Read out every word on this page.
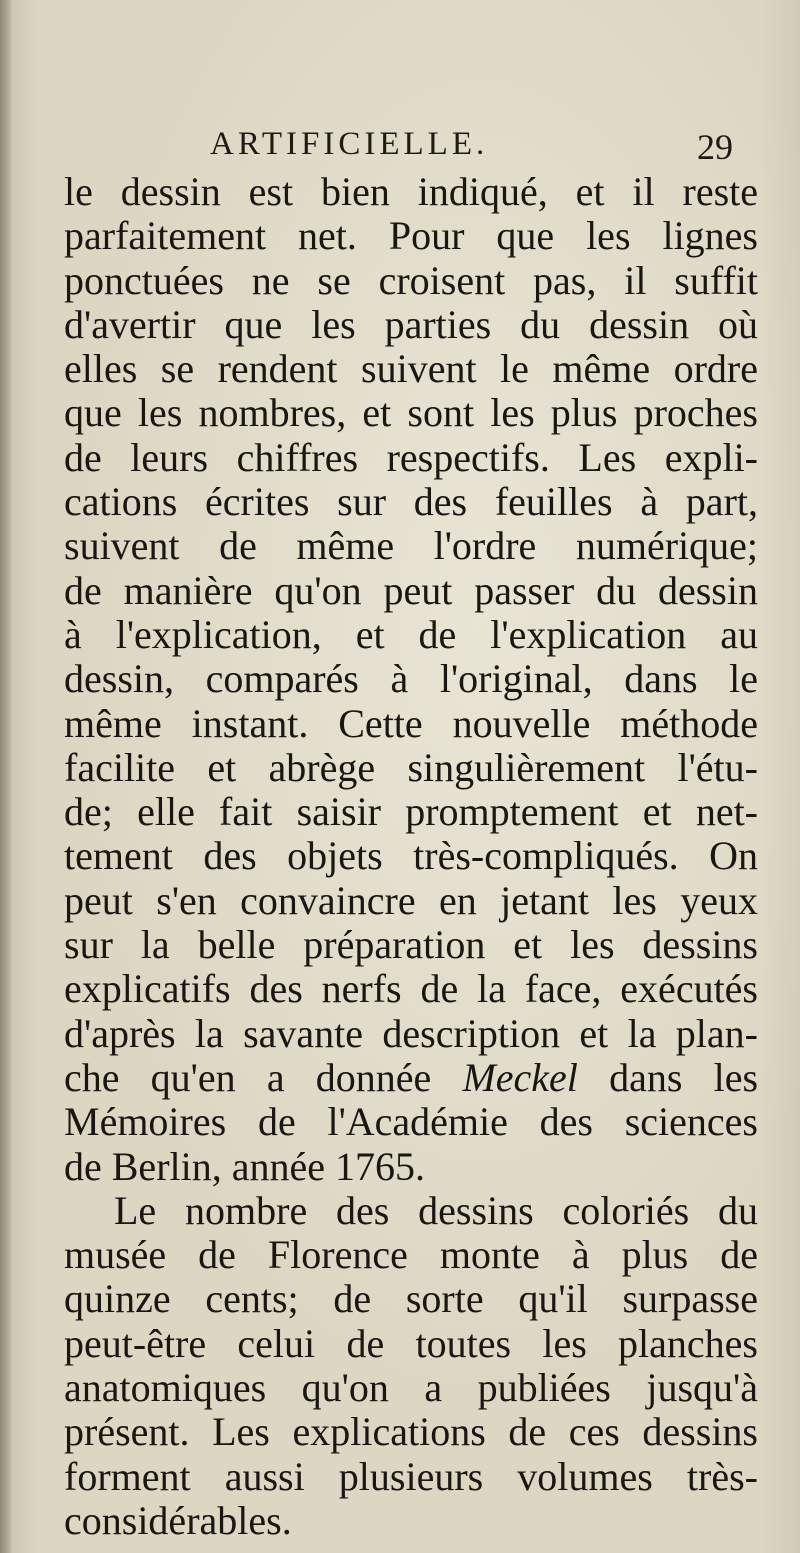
ARTIFICIELLE.	29
le dessin est bien indiqué, et il reste
parfaitement net. Pour que les lignes
ponctuées ne se croisent pas, il suffit
d'avertir que les parties du dessin où
elles se rendent suivent le même ordre
que les nombres, et sont les plus proches
de leurs chiffres respectifs. Les expli-
cations écrites sur des feuilles à part,
suivent de même l'ordre numérique;
de manière qu'on peut passer du dessin
à l'explication, et de l'explication au
dessin, comparés à l'original, dans le
même instant. Cette nouvelle méthode
facilite et abrège singulièrement l'étu-
de; elle fait saisir promptement et net-
tement des objets très-compliqués. On
peut s'en convaincre en jetant les yeux
sur la belle préparation et les dessins
explicatifs des nerfs de la face, exécutés
d'après la savante description et la plan-
che qu'en a donnée Meckel dans les
Mémoires de l'Académie des sciences
de Berlin, année 1765.
Le nombre des dessins coloriés du
musée de Florence monte à plus de
quinze cents; de sorte qu'il surpasse
peut-être celui de toutes les planches
anatomiques qu'on a publiées jusqu'à
présent. Les explications de ces dessins
forment aussi plusieurs volumes très-
considérables.
